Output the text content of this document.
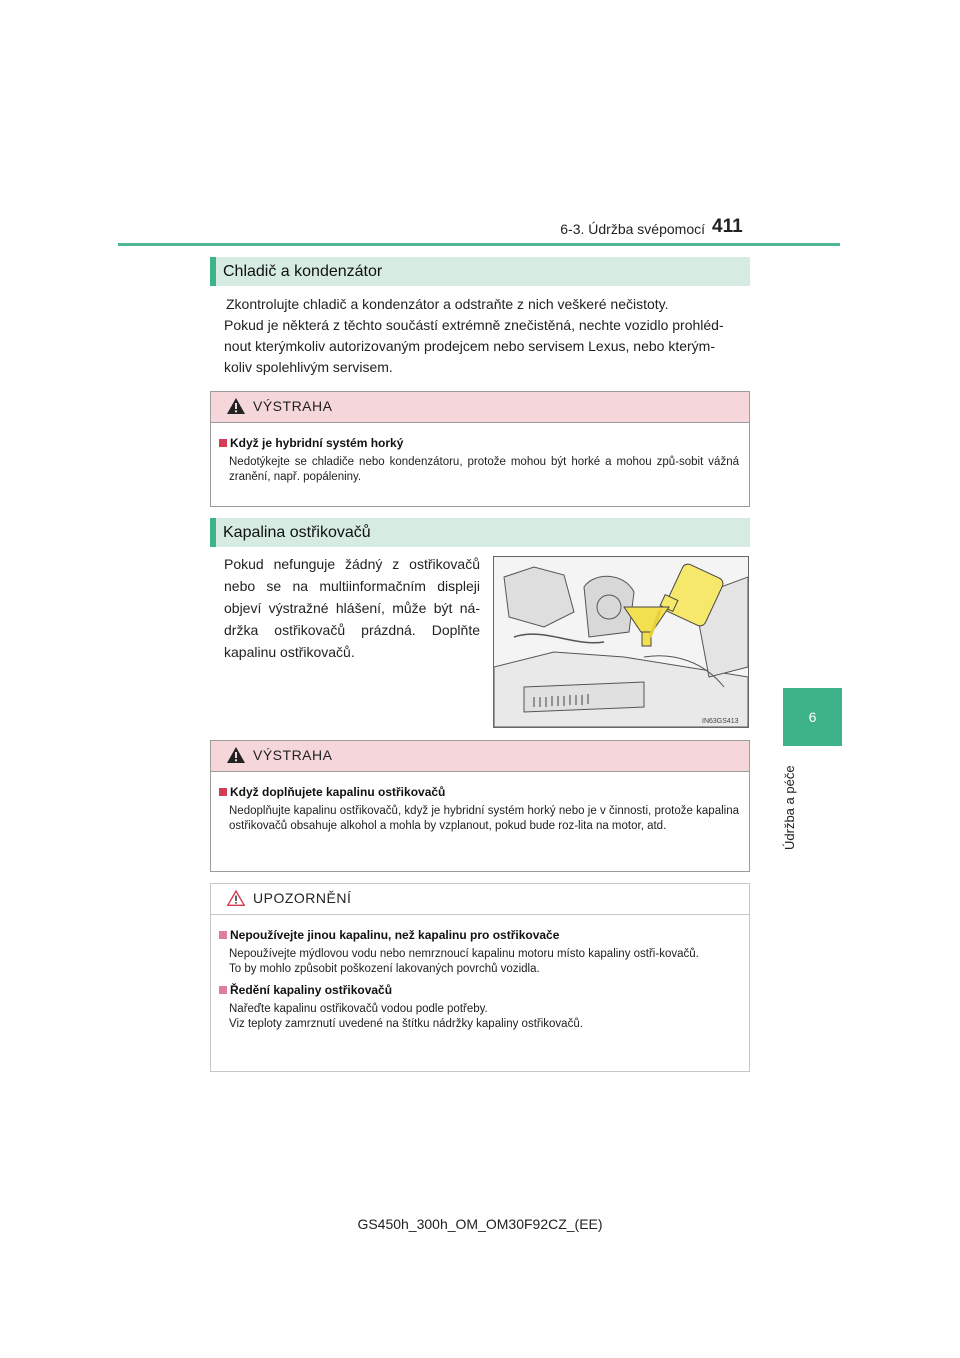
6-3. Údržba svépomocí 411
6
Údržba a péče
Chladič a kondenzátor
Zkontrolujte chladič a kondenzátor a odstraňte z nich veškeré nečistoty.
Pokud je některá z těchto součástí extrémně znečistěná, nechte vozidlo prohléd-
nout kterýmkoliv autorizovaným prodejcem nebo servisem Lexus, nebo kterým-
koliv spolehlivým servisem.
VÝSTRAHA
Když je hybridní systém horký
Nedotýkejte se chladiče nebo kondenzátoru, protože mohou být horké a mohou způ-sobit vážná zranění, např. popáleniny.
Kapalina ostřikovačů
Pokud nefunguje žádný z ostřikovačů
nebo se na multiinformačním displeji
objeví výstražné hlášení, může být ná-
držka ostřikovačů prázdná. Doplňte
kapalinu ostřikovačů.
IN63GS413
VÝSTRAHA
Když doplňujete kapalinu ostřikovačů
Nedoplňujte kapalinu ostřikovačů, když je hybridní systém horký nebo je v činnosti, protože kapalina ostřikovačů obsahuje alkohol a mohla by vzplanout, pokud bude roz-lita na motor, atd.
UPOZORNĚNÍ
Nepoužívejte jinou kapalinu, než kapalinu pro ostřikovače
Nepoužívejte mýdlovou vodu nebo nemrznoucí kapalinu motoru místo kapaliny ostři-kovačů.
To by mohlo způsobit poškození lakovaných povrchů vozidla.
Ředění kapaliny ostřikovačů
Nařeďte kapalinu ostřikovačů vodou podle potřeby.
Viz teploty zamrznutí uvedené na štítku nádržky kapaliny ostřikovačů.
GS450h_300h_OM_OM30F92CZ_(EE)
